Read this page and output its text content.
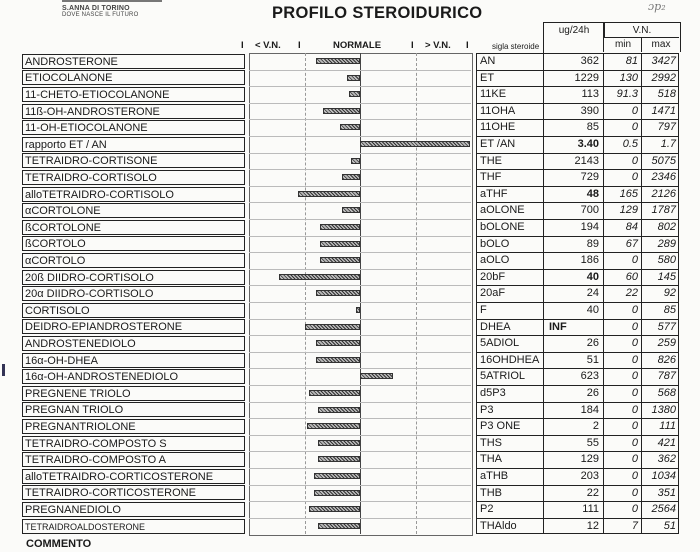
S.ANNA DI TORINO
DOVE NASCE IL FUTURO	PROFILO STEROIDURICO	ɔp₂
I < V.N. I	NORMALE	I > V.N. I	sigla steroide
ug/24h	V.N.
min	max
ANDROSTERONE	AN	362	81	3427
ETIOCOLANONE	ET	1229	130	2992
11-CHETO-ETIOCOLANONE	11KE	113	91.3	518
11ß-OH-ANDROSTERONE	11OHA	390	0	1471
11-OH-ETIOCOLANONE	11OHE	85	0	797
rapporto ET / AN	ET /AN	3.40	0.5	1.7
TETRAIDRO-CORTISONE	THE	2143	0	5075
TETRAIDRO-CORTISOLO	THF	729	0	2346
alloTETRAIDRO-CORTISOLO	aTHF	48	165	2126
αCORTOLONE	aOLONE	700	129	1787
ßCORTOLONE	bOLONE	194	84	802
ßCORTOLO	bOLO	89	67	289
αCORTOLO	aOLO	186	0	580
20ß DIIDRO-CORTISOLO	20bF	40	60	145
20α DIIDRO-CORTISOLO	20aF	24	22	92
CORTISOLO	F	40	0	85
DEIDRO-EPIANDROSTERONE	DHEA	INF	0	577
ANDROSTENEDIOLO	5ADIOL	26	0	259
16α-OH-DHEA	16OHDHEA	51	0	826
16α-OH-ANDROSTENEDIOLO	5ATRIOL	623	0	787
PREGNENE TRIOLO	d5P3	26	0	568
PREGNAN TRIOLO	P3	184	0	1380
PREGNANTRIOLONE	P3 ONE	2	0	111
TETRAIDRO-COMPOSTO S	THS	55	0	421
TETRAIDRO-COMPOSTO A	THA	129	0	362
alloTETRAIDRO-CORTICOSTERONE	aTHB	203	0	1034
TETRAIDRO-CORTICOSTERONE	THB	22	0	351
PREGNANEDIOLO	P2	111	0	2564
TETRAIDROALDOSTERONE	THAldo	12	7	51
COMMENTO
